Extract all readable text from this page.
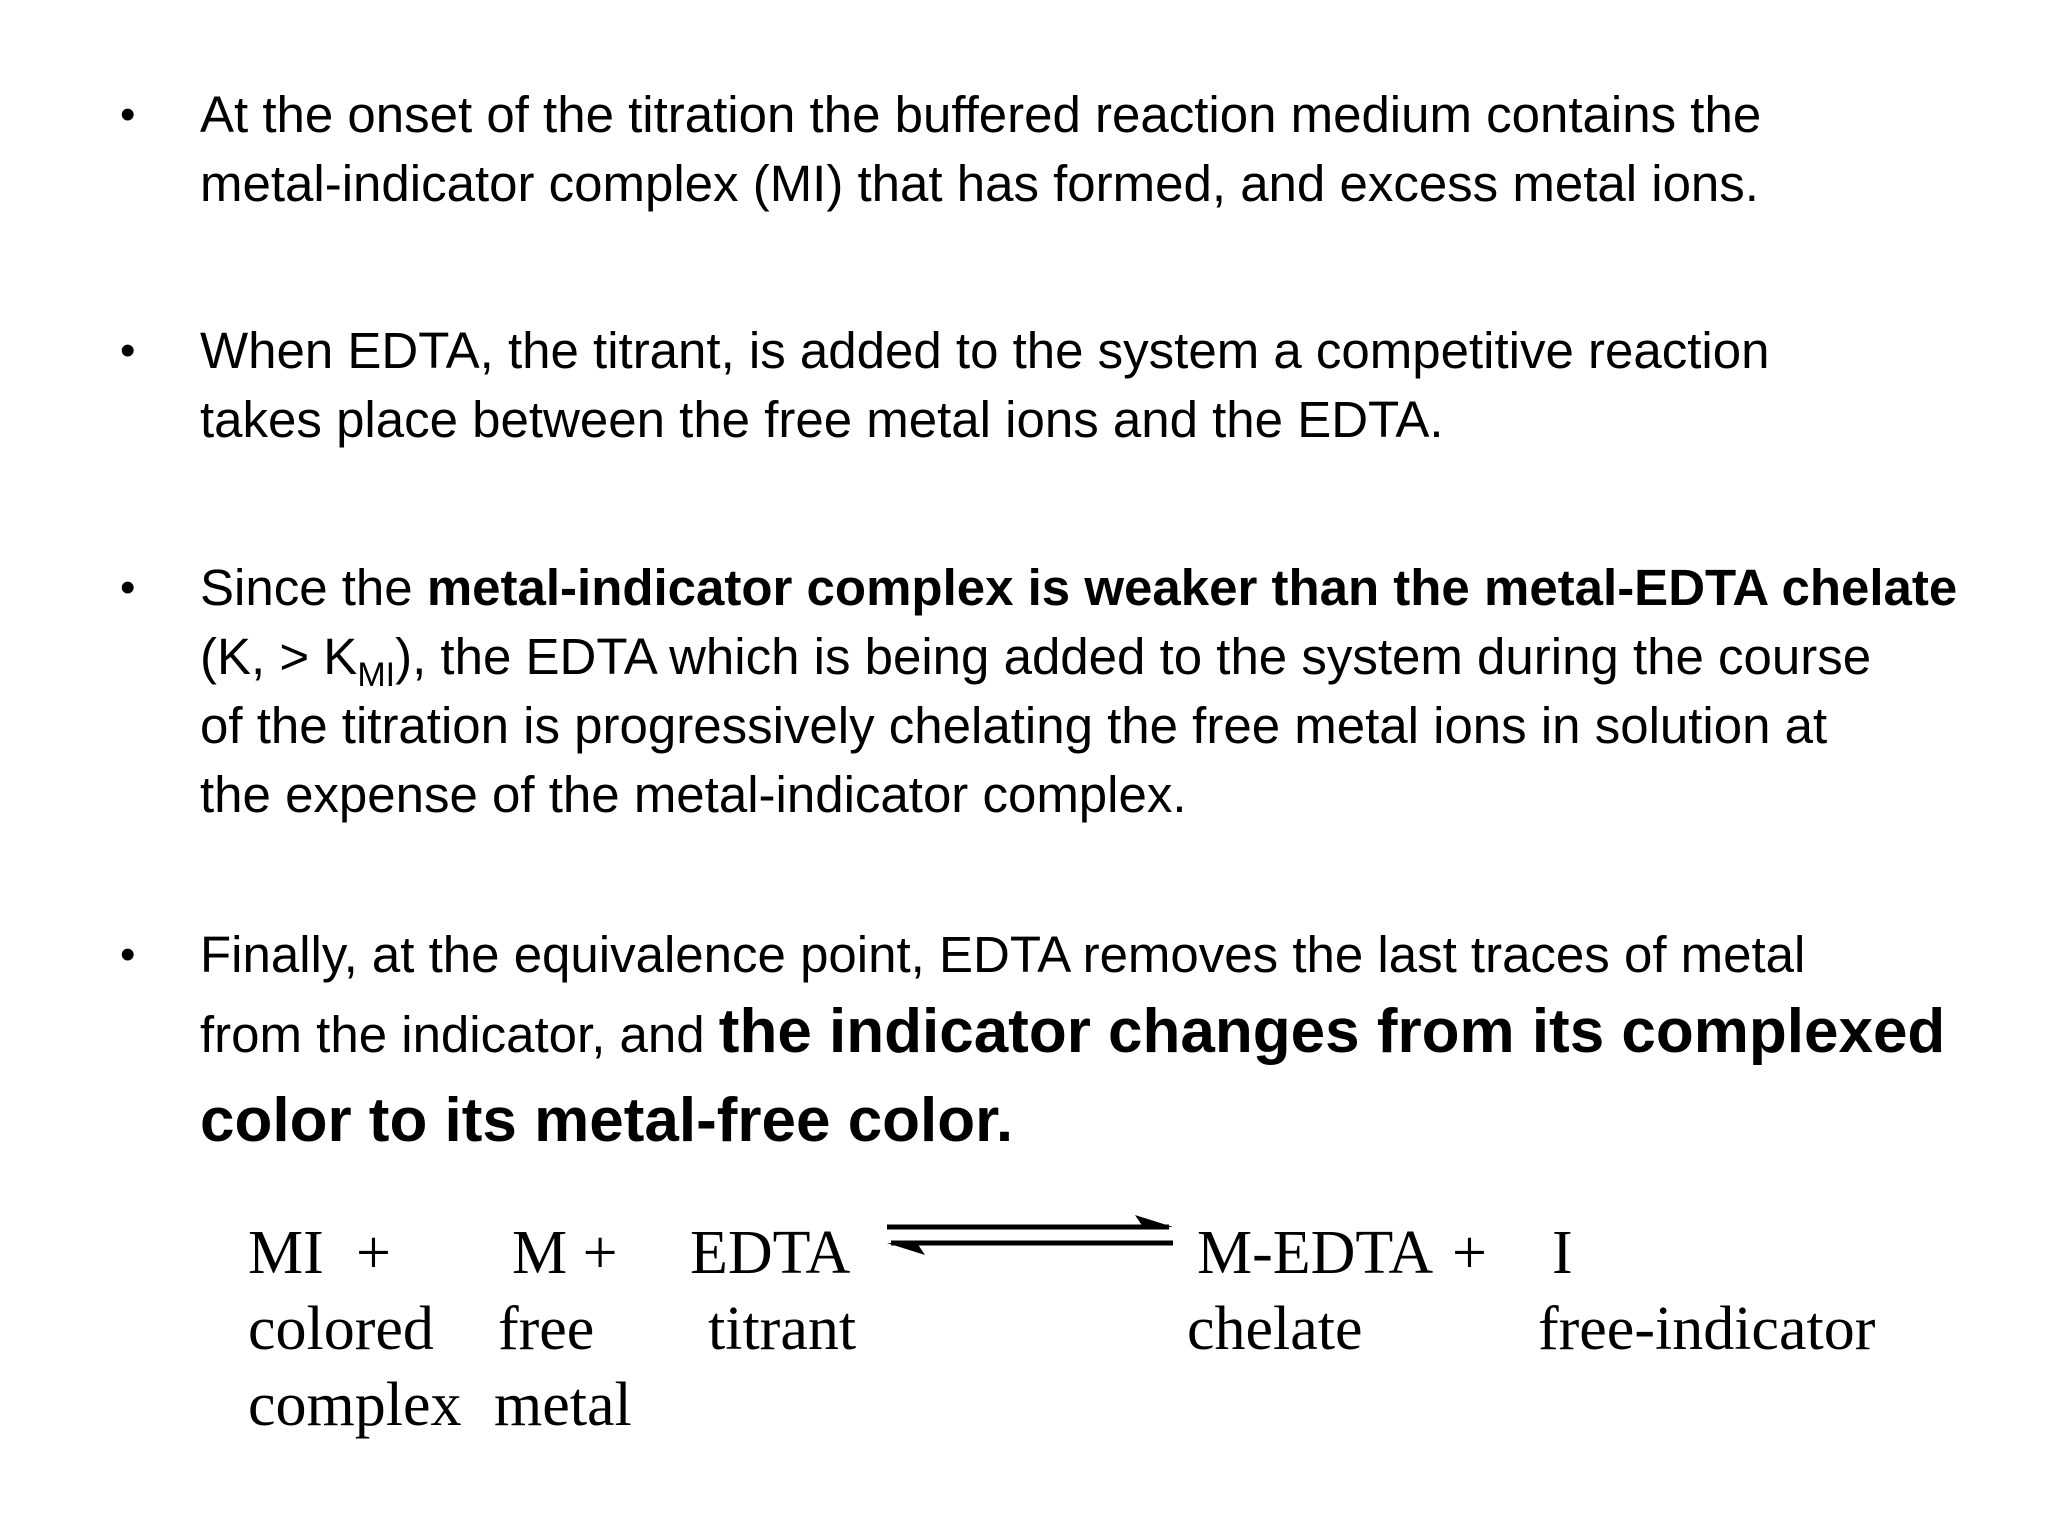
•	At the onset of the titration the buffered reaction medium contains the
metal-indicator complex (MI) that has formed, and excess metal ions.
•	When EDTA, the titrant, is added to the system a competitive reaction
takes place between the free metal ions and the EDTA.
•	Since the metal-indicator complex is weaker than the metal-EDTA chelate
(K, > $K_{MI}$), the EDTA which is being added to the system during the course
of the titration is progressively chelating the free metal ions in solution at
the expense of the metal-indicator complex.
•	Finally, at the equivalence point, EDTA removes the last traces of metal
from the indicator, and the indicator changes from its complexed
color to its metal-free color.
MI + M + EDTA	M-EDTA + I
colored free titrant	chelate	free-indicator
complex metal
